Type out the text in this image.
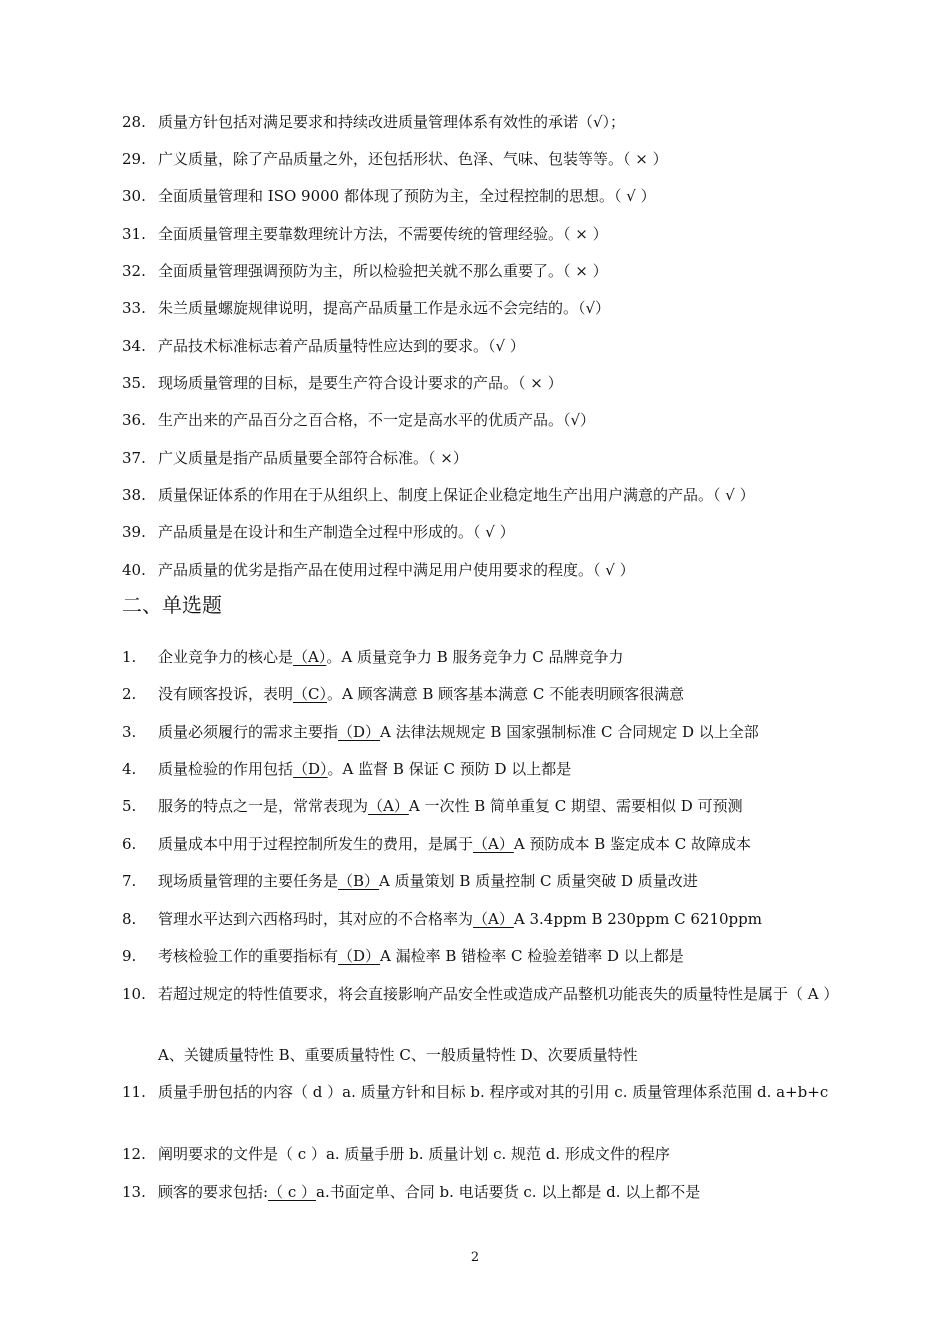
28. 质量方针包括对满足要求和持续改进质量管理体系有效性的承诺（√）；
29. 广义质量，除了产品质量之外，还包括形状、色泽、气味、包装等等。（ × ）
30. 全面质量管理和 ISO 9000 都体现了预防为主，全过程控制的思想。（ √ ）
31. 全面质量管理主要靠数理统计方法，不需要传统的管理经验。（ × ）
32. 全面质量管理强调预防为主，所以检验把关就不那么重要了。（ × ）
33. 朱兰质量螺旋规律说明，提高产品质量工作是永远不会完结的。（√）
34. 产品技术标准标志着产品质量特性应达到的要求。（√ ）
35. 现场质量管理的目标，是要生产符合设计要求的产品。（ × ）
36. 生产出来的产品百分之百合格，不一定是高水平的优质产品。（√）
37. 广义质量是指产品质量要全部符合标准。（ ×）
38. 质量保证体系的作用在于从组织上、制度上保证企业稳定地生产出用户满意的产品。（ √ ）
39. 产品质量是在设计和生产制造全过程中形成的。（ √ ）
40. 产品质量的优劣是指产品在使用过程中满足用户使用要求的程度。（ √ ）
二、单选题
1. 企业竞争力的核心是（A）。A 质量竞争力 B 服务竞争力 C 品牌竞争力
2. 没有顾客投诉，表明（C）。A 顾客满意 B 顾客基本满意 C 不能表明顾客很满意
3. 质量必须履行的需求主要指（D）A 法律法规规定 B 国家强制标准 C 合同规定 D 以上全部
4. 质量检验的作用包括（D）。A 监督 B 保证 C 预防 D 以上都是
5. 服务的特点之一是，常常表现为（A）A 一次性 B 简单重复 C 期望、需要相似 D 可预测
6. 质量成本中用于过程控制所发生的费用，是属于（A）A 预防成本 B 鉴定成本 C 故障成本
7. 现场质量管理的主要任务是（B）A 质量策划 B 质量控制 C 质量突破 D 质量改进
8. 管理水平达到六西格玛时，其对应的不合格率为（A）A 3.4ppm B 230ppm C 6210ppm
9. 考核检验工作的重要指标有（D）A 漏检率 B 错检率 C 检验差错率 D 以上都是
10. 若超过规定的特性值要求，将会直接影响产品安全性或造成产品整机功能丧失的质量特性是属于（ A ）
A、关键质量特性 B、重要质量特性 C、一般质量特性 D、次要质量特性
11. 质量手册包括的内容（ d ）a. 质量方针和目标 b. 程序或对其的引用 c. 质量管理体系范围 d. a+b+c
12. 阐明要求的文件是（ c ）a. 质量手册 b. 质量计划 c. 规范 d. 形成文件的程序
13. 顾客的要求包括:（ c ）a.书面定单、合同 b. 电话要货 c. 以上都是 d. 以上都不是
2
